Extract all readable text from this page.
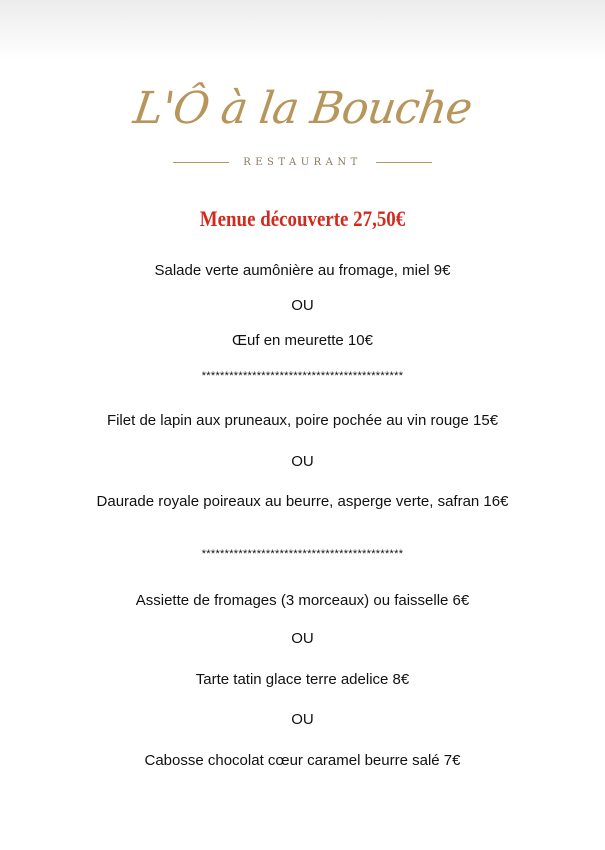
L'Ô à la Bouche
RESTAURANT
Menue découverte 27,50€
Salade verte aumônière au fromage, miel 9€
OU
Œuf en meurette 10€
********************************************
Filet de lapin aux pruneaux, poire pochée au vin rouge 15€
OU
Daurade royale poireaux au beurre, asperge verte, safran 16€
********************************************
Assiette de fromages (3 morceaux) ou faisselle 6€
OU
Tarte tatin glace terre adelice 8€
OU
Cabosse chocolat cœur caramel beurre salé 7€
